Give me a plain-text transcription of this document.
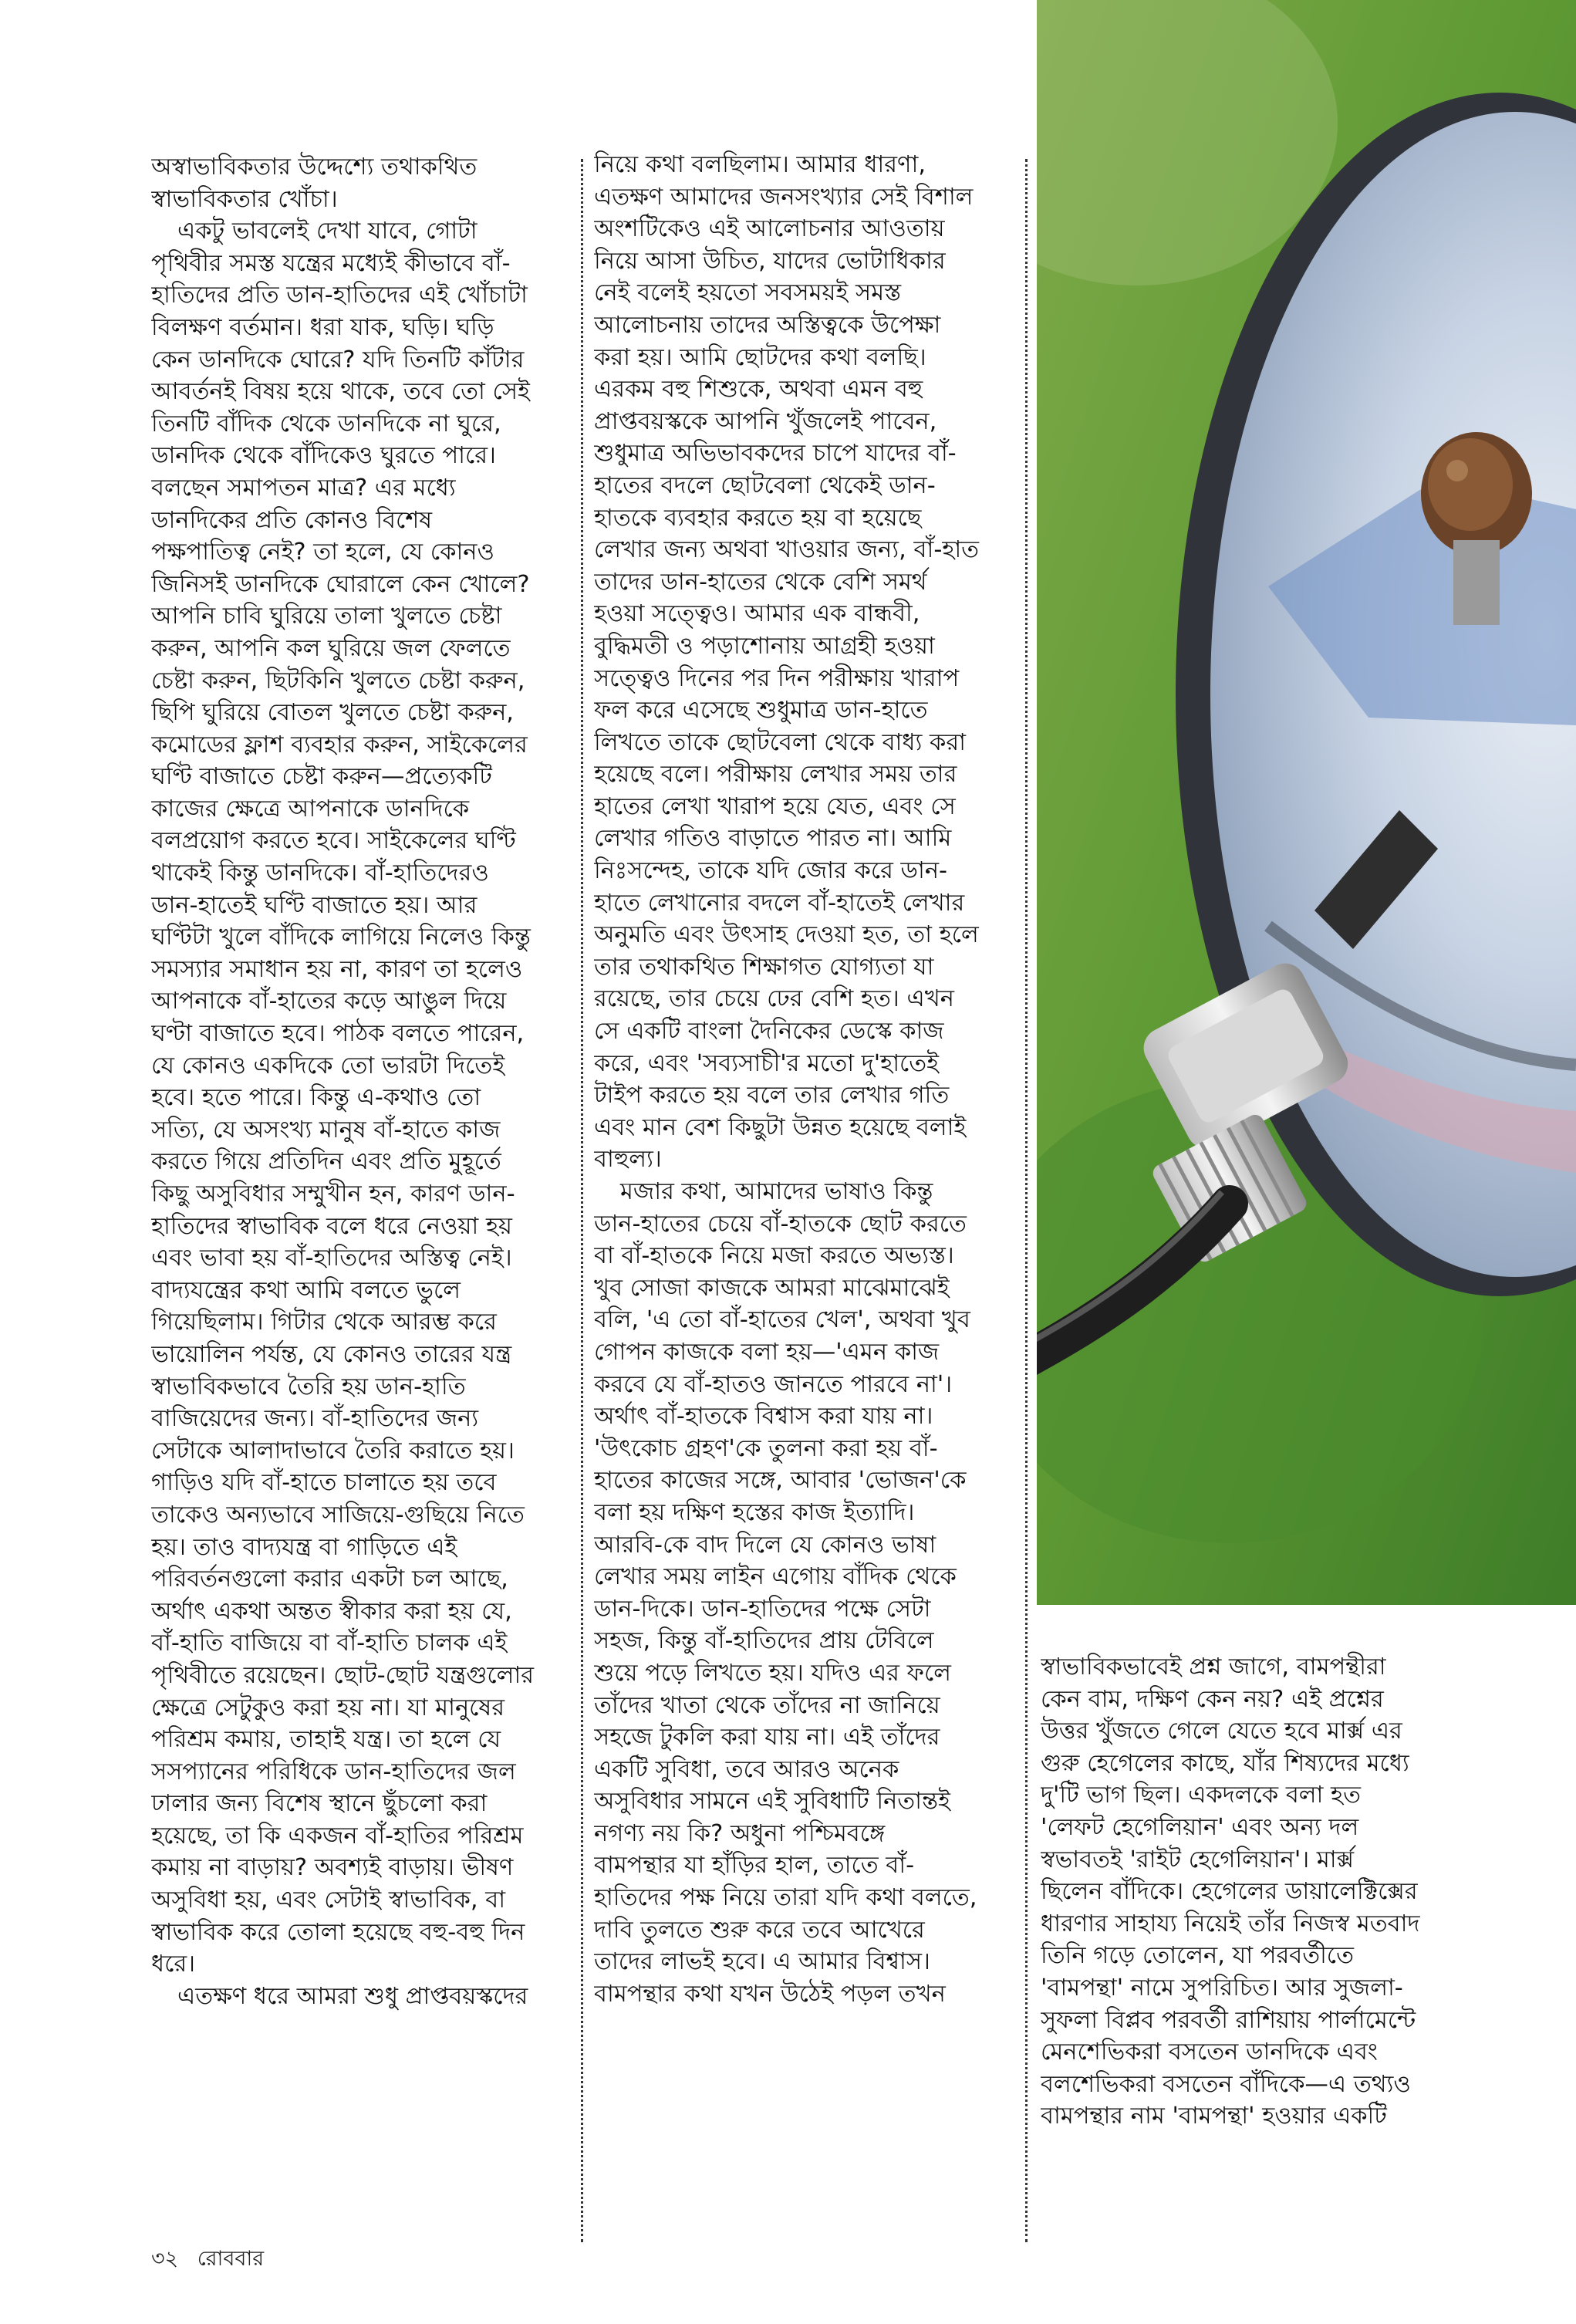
অস্বাভাবিকতার উদ্দেশ্যে তথাকথিত
স্বাভাবিকতার খোঁচা।

একটু ভাবলেই দেখা যাবে, গোটা
পৃথিবীর সমস্ত যন্ত্রের মধ্যেই কীভাবে বাঁ-
হাতিদের প্রতি ডান-হাতিদের এই খোঁচাটা
বিলক্ষণ বর্তমান। ধরা যাক, ঘড়ি। ঘড়ি
কেন ডানদিকে ঘোরে? যদি তিনটি কাঁটার
আবর্তনই বিষয় হয়ে থাকে, তবে তো সেই
তিনটি বাঁদিক থেকে ডানদিকে না ঘুরে,
ডানদিক থেকে বাঁদিকেও ঘুরতে পারে।
বলছেন সমাপতন মাত্র? এর মধ্যে
ডানদিকের প্রতি কোনও বিশেষ
পক্ষপাতিত্ব নেই? তা হলে, যে কোনও
জিনিসই ডানদিকে ঘোরালে কেন খোলে?
আপনি চাবি ঘুরিয়ে তালা খুলতে চেষ্টা
করুন, আপনি কল ঘুরিয়ে জল ফেলতে
চেষ্টা করুন, ছিটকিনি খুলতে চেষ্টা করুন,
ছিপি ঘুরিয়ে বোতল খুলতে চেষ্টা করুন,
কমোডের ফ্লাশ ব্যবহার করুন, সাইকেলের
ঘণ্টি বাজাতে চেষ্টা করুন—প্রত্যেকটি
কাজের ক্ষেত্রে আপনাকে ডানদিকে
বলপ্রয়োগ করতে হবে। সাইকেলের ঘণ্টি
থাকেই কিন্তু ডানদিকে। বাঁ-হাতিদেরও
ডান-হাতেই ঘণ্টি বাজাতে হয়। আর
ঘণ্টিটা খুলে বাঁদিকে লাগিয়ে নিলেও কিন্তু
সমস্যার সমাধান হয় না, কারণ তা হলেও
আপনাকে বাঁ-হাতের কড়ে আঙুল দিয়ে
ঘণ্টা বাজাতে হবে। পাঠক বলতে পারেন,
যে কোনও একদিকে তো ভারটা দিতেই
হবে। হতে পারে। কিন্তু এ-কথাও তো
সত্যি, যে অসংখ্য মানুষ বাঁ-হাতে কাজ
করতে গিয়ে প্রতিদিন এবং প্রতি মুহূর্তে
কিছু অসুবিধার সম্মুখীন হন, কারণ ডান-
হাতিদের স্বাভাবিক বলে ধরে নেওয়া হয়
এবং ভাবা হয় বাঁ-হাতিদের অস্তিত্ব নেই।
বাদ্যযন্ত্রের কথা আমি বলতে ভুলে
গিয়েছিলাম। গিটার থেকে আরম্ভ করে
ভায়োলিন পর্যন্ত, যে কোনও তারের যন্ত্র
স্বাভাবিকভাবে তৈরি হয় ডান-হাতি
বাজিয়েদের জন্য। বাঁ-হাতিদের জন্য
সেটাকে আলাদাভাবে তৈরি করাতে হয়।
গাড়িও যদি বাঁ-হাতে চালাতে হয় তবে
তাকেও অন্যভাবে সাজিয়ে-গুছিয়ে নিতে
হয়। তাও বাদ্যযন্ত্র বা গাড়িতে এই
পরিবর্তনগুলো করার একটা চল আছে,
অর্থাৎ একথা অন্তত স্বীকার করা হয় যে,
বাঁ-হাতি বাজিয়ে বা বাঁ-হাতি চালক এই
পৃথিবীতে রয়েছেন। ছোট-ছোট যন্ত্রগুলোর
ক্ষেত্রে সেটুকুও করা হয় না। যা মানুষের
পরিশ্রম কমায়, তাহাই যন্ত্র। তা হলে যে
সসপ্যানের পরিধিকে ডান-হাতিদের জল
ঢালার জন্য বিশেষ স্থানে ছুঁচলো করা
হয়েছে, তা কি একজন বাঁ-হাতির পরিশ্রম
কমায় না বাড়ায়? অবশ্যই বাড়ায়। ভীষণ
অসুবিধা হয়, এবং সেটাই স্বাভাবিক, বা
স্বাভাবিক করে তোলা হয়েছে বহু-বহু দিন
ধরে।

এতক্ষণ ধরে আমরা শুধু প্রাপ্তবয়স্কদের

নিয়ে কথা বলছিলাম। আমার ধারণা,
এতক্ষণ আমাদের জনসংখ্যার সেই বিশাল
অংশটিকেও এই আলোচনার আওতায়
নিয়ে আসা উচিত, যাদের ভোটাধিকার
নেই বলেই হয়তো সবসময়ই সমস্ত
আলোচনায় তাদের অস্তিত্বকে উপেক্ষা
করা হয়। আমি ছোটদের কথা বলছি।
এরকম বহু শিশুকে, অথবা এমন বহু
প্রাপ্তবয়স্ককে আপনি খুঁজলেই পাবেন,
শুধুমাত্র অভিভাবকদের চাপে যাদের বাঁ-
হাতের বদলে ছোটবেলা থেকেই ডান-
হাতকে ব্যবহার করতে হয় বা হয়েছে
লেখার জন্য অথবা খাওয়ার জন্য, বাঁ-হাত
তাদের ডান-হাতের থেকে বেশি সমর্থ
হওয়া সত্ত্বেও। আমার এক বান্ধবী,
বুদ্ধিমতী ও পড়াশোনায় আগ্রহী হওয়া
সত্ত্বেও দিনের পর দিন পরীক্ষায় খারাপ
ফল করে এসেছে শুধুমাত্র ডান-হাতে
লিখতে তাকে ছোটবেলা থেকে বাধ্য করা
হয়েছে বলে। পরীক্ষায় লেখার সময় তার
হাতের লেখা খারাপ হয়ে যেত, এবং সে
লেখার গতিও বাড়াতে পারত না। আমি
নিঃসন্দেহ, তাকে যদি জোর করে ডান-
হাতে লেখানোর বদলে বাঁ-হাতেই লেখার
অনুমতি এবং উৎসাহ দেওয়া হত, তা হলে
তার তথাকথিত শিক্ষাগত যোগ্যতা যা
রয়েছে, তার চেয়ে ঢের বেশি হত। এখন
সে একটি বাংলা দৈনিকের ডেস্কে কাজ
করে, এবং 'সব্যসাচী'র মতো দু'হাতেই
টাইপ করতে হয় বলে তার লেখার গতি
এবং মান বেশ কিছুটা উন্নত হয়েছে বলাই
বাহুল্য।

মজার কথা, আমাদের ভাষাও কিন্তু
ডান-হাতের চেয়ে বাঁ-হাতকে ছোট করতে
বা বাঁ-হাতকে নিয়ে মজা করতে অভ্যস্ত।
খুব সোজা কাজকে আমরা মাঝেমাঝেই
বলি, 'এ তো বাঁ-হাতের খেল', অথবা খুব
গোপন কাজকে বলা হয়—'এমন কাজ
করবে যে বাঁ-হাতও জানতে পারবে না'।
অর্থাৎ বাঁ-হাতকে বিশ্বাস করা যায় না।
'উৎকোচ গ্রহণ'কে তুলনা করা হয় বাঁ-
হাতের কাজের সঙ্গে, আবার 'ভোজন'কে
বলা হয় দক্ষিণ হস্তের কাজ ইত্যাদি।
আরবি-কে বাদ দিলে যে কোনও ভাষা
লেখার সময় লাইন এগোয় বাঁদিক থেকে
ডান-দিকে। ডান-হাতিদের পক্ষে সেটা
সহজ, কিন্তু বাঁ-হাতিদের প্রায় টেবিলে
শুয়ে পড়ে লিখতে হয়। যদিও এর ফলে
তাঁদের খাতা থেকে তাঁদের না জানিয়ে
সহজে টুকলি করা যায় না। এই তাঁদের
একটি সুবিধা, তবে আরও অনেক
অসুবিধার সামনে এই সুবিধাটি নিতান্তই
নগণ্য নয় কি? অধুনা পশ্চিমবঙ্গে
বামপন্থার যা হাঁড়ির হাল, তাতে বাঁ-
হাতিদের পক্ষ নিয়ে তারা যদি কথা বলতে,
দাবি তুলতে শুরু করে তবে আখেরে
তাদের লাভই হবে। এ আমার বিশ্বাস।
বামপন্থার কথা যখন উঠেই পড়ল তখন

স্বাভাবিকভাবেই প্রশ্ন জাগে, বামপন্থীরা
কেন বাম, দক্ষিণ কেন নয়? এই প্রশ্নের
উত্তর খুঁজতে গেলে যেতে হবে মার্ক্স এর
গুরু হেগেলের কাছে, যাঁর শিষ্যদের মধ্যে
দু'টি ভাগ ছিল। একদলকে বলা হত
'লেফট হেগেলিয়ান' এবং অন্য দল
স্বভাবতই 'রাইট হেগেলিয়ান'। মার্ক্স
ছিলেন বাঁদিকে। হেগেলের ডায়ালেক্টিক্সের
ধারণার সাহায্য নিয়েই তাঁর নিজস্ব মতবাদ
তিনি গড়ে তোলেন, যা পরবর্তীতে
'বামপন্থা' নামে সুপরিচিত। আর সুজলা-
সুফলা বিপ্লব পরবর্তী রাশিয়ায় পার্লামেন্টে
মেনশেভিকরা বসতেন ডানদিকে এবং
বলশেভিকরা বসতেন বাঁদিকে—এ তথ্যও
বামপন্থার নাম 'বামপন্থা' হওয়ার একটি

৩২ রোববার
